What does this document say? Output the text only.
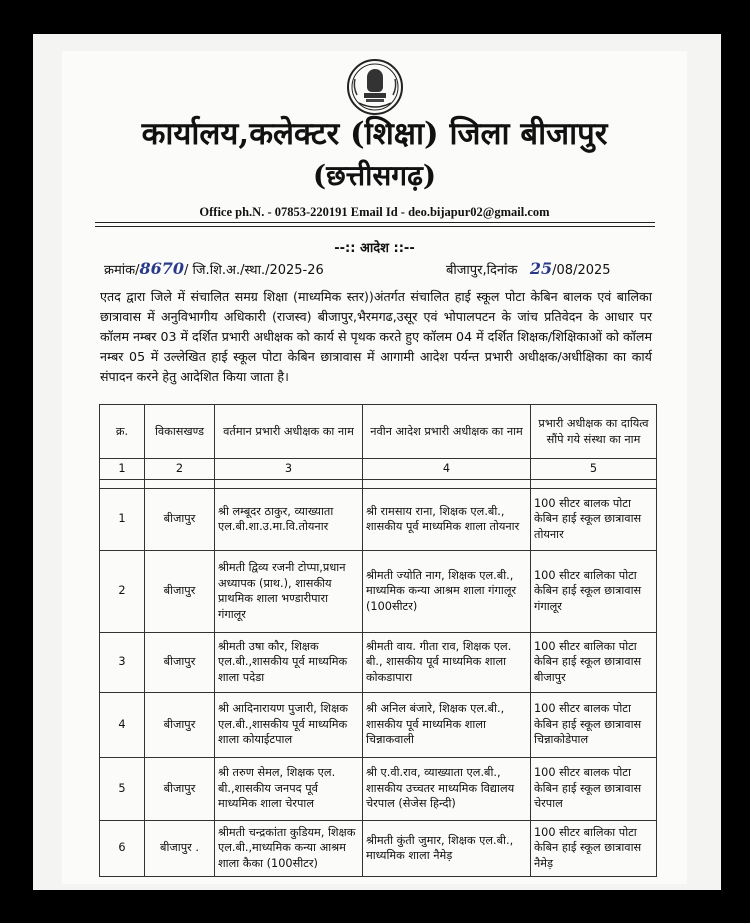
कार्यालय,कलेक्टर (शिक्षा) जिला बीजापुर
(छत्तीसगढ़)
Office ph.N. - 07853-220191 Email Id - deo.bijapur02@gmail.com
--:: आदेश ::--
क्रमांक/8670/ जि.शि.अ./स्था./2025-26	बीजापुर,दिनांक 25/08/2025
एतद द्वारा जिले में संचालित समग्र शिक्षा (माध्यमिक स्तर))अंतर्गत संचालित हाई स्कूल पोटा केबिन बालक एवं बालिका छात्रावास में अनुविभागीय अधिकारी (राजस्व) बीजापुर,भैरमगढ,उसूर एवं भोपालपटन के जांच प्रतिवेदन के आधार पर कॉलम नम्बर 03 में दर्शित प्रभारी अधीक्षक को कार्य से पृथक करते हुए कॉलम 04 में दर्शित शिक्षक/शिक्षिकाओं को कॉलम नम्बर 05 में उल्लेखित हाई स्कूल पोटा केबिन छात्रावास में आगामी आदेश पर्यन्त प्रभारी अधीक्षक/अधीक्षिका का कार्य संपादन करने हेतु आदेशित किया जाता है।
क्र.	विकासखण्ड	वर्तमान प्रभारी अधीक्षक का नाम	नवीन आदेश प्रभारी अधीक्षक का नाम	प्रभारी अधीक्षक का दायित्व सौंपे गये संस्था का नाम
1	2	3	4	5

1	बीजापुर	श्री लम्बूदर ठाकुर, व्याख्याता एल.बी.शा.उ.मा.वि.तोयनार	श्री रामसाय राना, शिक्षक एल.बी., शासकीय पूर्व माध्यमिक शाला तोयनार	100 सीटर बालक पोटा केबिन हाई स्कूल छात्रावास तोयनार
2	बीजापुर	श्रीमती द्विव्य रजनी टोप्पा,प्रधान अध्यापक (प्राथ.), शासकीय प्राथमिक शाला भण्डारीपारा गंगालूर	श्रीमती ज्योति नाग, शिक्षक एल.बी., माध्यमिक कन्या आश्रम शाला गंगालूर (100सीटर)	100 सीटर बालिका पोटा केबिन हाई स्कूल छात्रावास गंगालूर
3	बीजापुर	श्रीमती उषा कौर, शिक्षक एल.बी.,शासकीय पूर्व माध्यमिक शाला पदेडा	श्रीमती वाय. गीता राव, शिक्षक एल. बी., शासकीय पूर्व माध्यमिक शाला कोकडापारा	100 सीटर बालिका पोटा केबिन हाई स्कूल छात्रावास बीजापुर
4	बीजापुर	श्री आदिनारायण पुजारी, शिक्षक एल.बी.,शासकीय पूर्व माध्यमिक शाला कोयाईटपाल	श्री अनिल बंजारे, शिक्षक एल.बी., शासकीय पूर्व माध्यमिक शाला चिन्नाकवाली	100 सीटर बालक पोटा केबिन हाई स्कूल छात्रावास चिन्नाकोडेपाल
5	बीजापुर	श्री तरुण सेमल, शिक्षक एल. बी.,शासकीय जनपद पूर्व माध्यमिक शाला चेरपाल	श्री ए.वी.राव, व्याख्याता एल.बी., शासकीय उच्चतर माध्यमिक विद्यालय चेरपाल (सेजेस हिन्दी)	100 सीटर बालक पोटा केबिन हाई स्कूल छात्रावास चेरपाल
6	बीजापुर .	श्रीमती चन्द्रकांता कुडियम, शिक्षक एल.बी.,माध्यमिक कन्या आश्रम शाला कैका (100सीटर)	श्रीमती कुंती जुमार, शिक्षक एल.बी., माध्यमिक शाला नैमेड़	100 सीटर बालिका पोटा केबिन हाई स्कूल छात्रावास नैमेड़
